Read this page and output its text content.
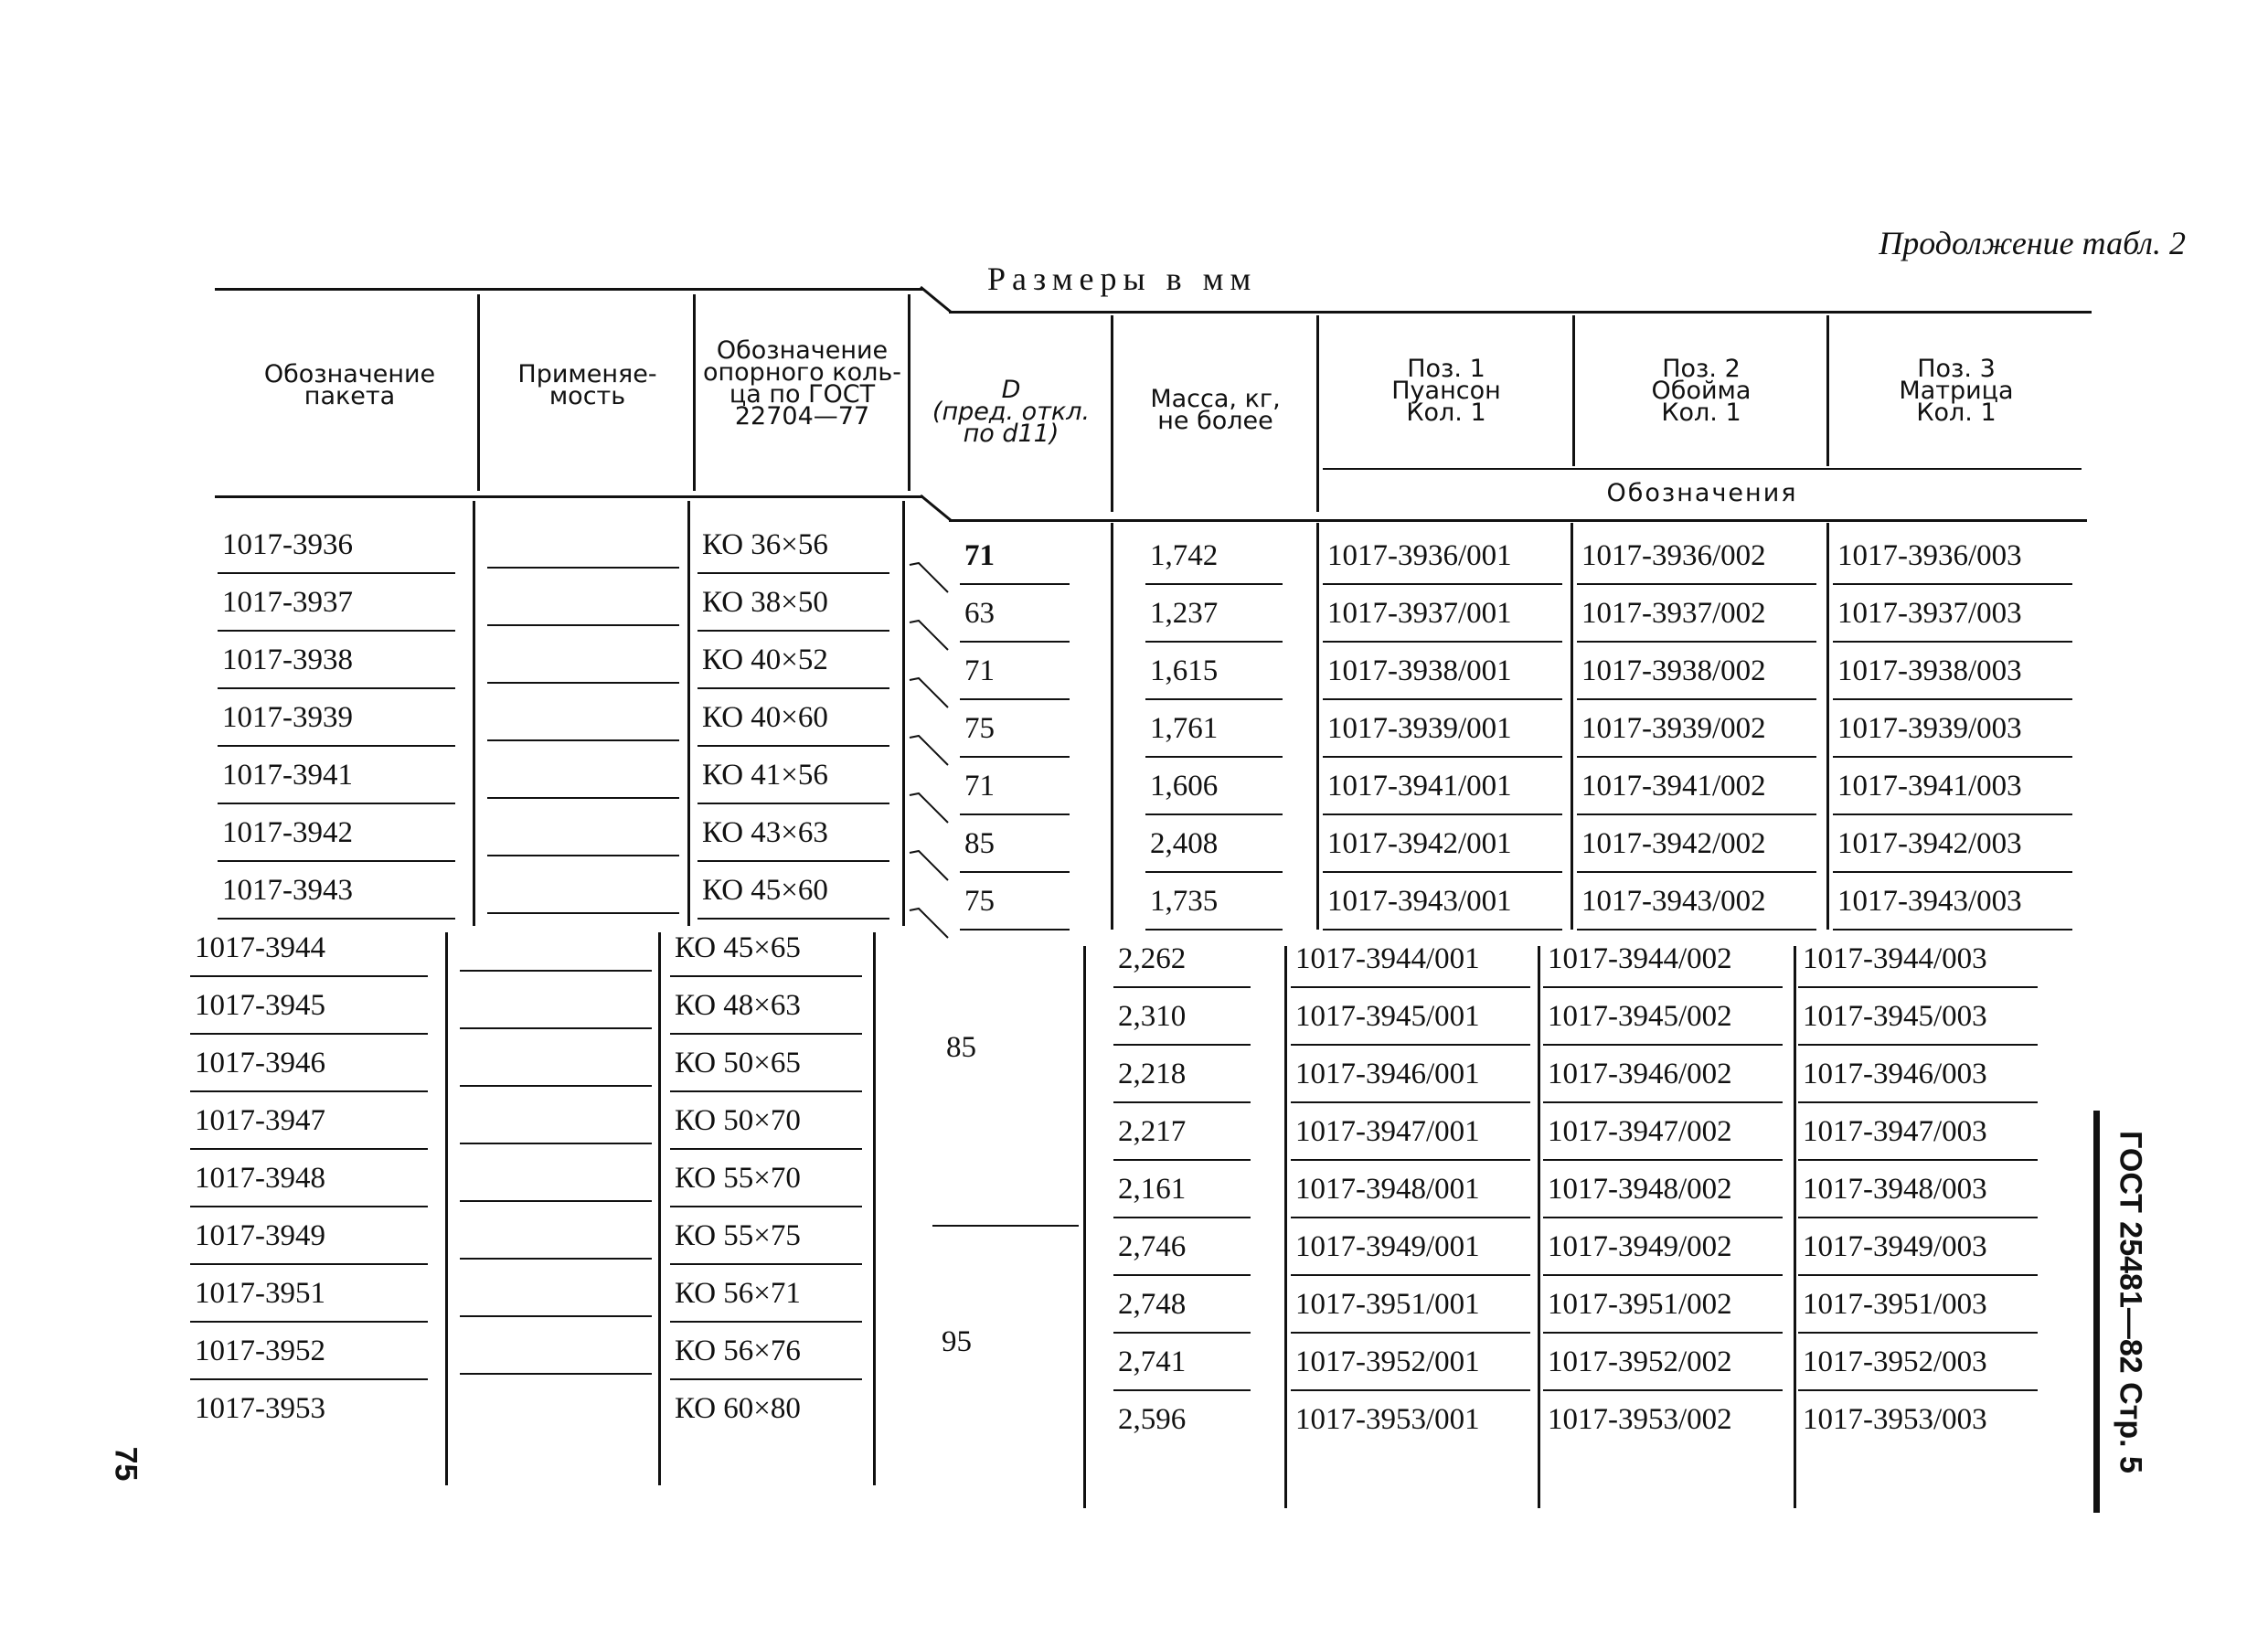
Продолжение табл. 2
Размеры в мм
Обозначение
пакета
Применяе-
мость
Обозначение
опорного коль-
ца по ГОСТ
22704—77
D
(пред. откл.
по d11)
Масса, кг,
не более
Поз. 1
Пуансон
Кол. 1
Поз. 2
Обойма
Кол. 1
Поз. 3
Матрица
Кол. 1
Обозначения
85
95
1017-3936	КО 36×56	71	1,742	1017-3936/001 1017-3936/002 1017-3936/003
1017-3937	КО 38×50	63	1,237	1017-3937/001 1017-3937/002 1017-3937/003
1017-3938	КО 40×52	71	1,615	1017-3938/001 1017-3938/002 1017-3938/003
1017-3939	КО 40×60	75	1,761	1017-3939/001 1017-3939/002 1017-3939/003
1017-3941	КО 41×56	71	1,606	1017-3941/001 1017-3941/002 1017-3941/003
1017-3942	КО 43×63	85	2,408	1017-3942/001 1017-3942/002 1017-3942/003
1017-3943	КО 45×60	75	1,735	1017-3943/001 1017-3943/002 1017-3943/003
1017-3944	КО 45×65	2,262	1017-3944/001 1017-3944/002 1017-3944/003
1017-3945	КО 48×63	2,310	1017-3945/001 1017-3945/002 1017-3945/003
1017-3946	КО 50×65	2,218	1017-3946/001 1017-3946/002 1017-3946/003
1017-3947	КО 50×70	2,217	1017-3947/001 1017-3947/002 1017-3947/003
1017-3948	КО 55×70	2,161	1017-3948/001 1017-3948/002 1017-3948/003
1017-3949	КО 55×75	2,746	1017-3949/001 1017-3949/002 1017-3949/003
1017-3951	КО 56×71	2,748	1017-3951/001 1017-3951/002 1017-3951/003
1017-3952	КО 56×76	2,741	1017-3952/001 1017-3952/002 1017-3952/003
1017-3953	КО 60×80	2,596	1017-3953/001 1017-3953/002 1017-3953/003	ГОСТ 25481—82 Стр. 5
75
